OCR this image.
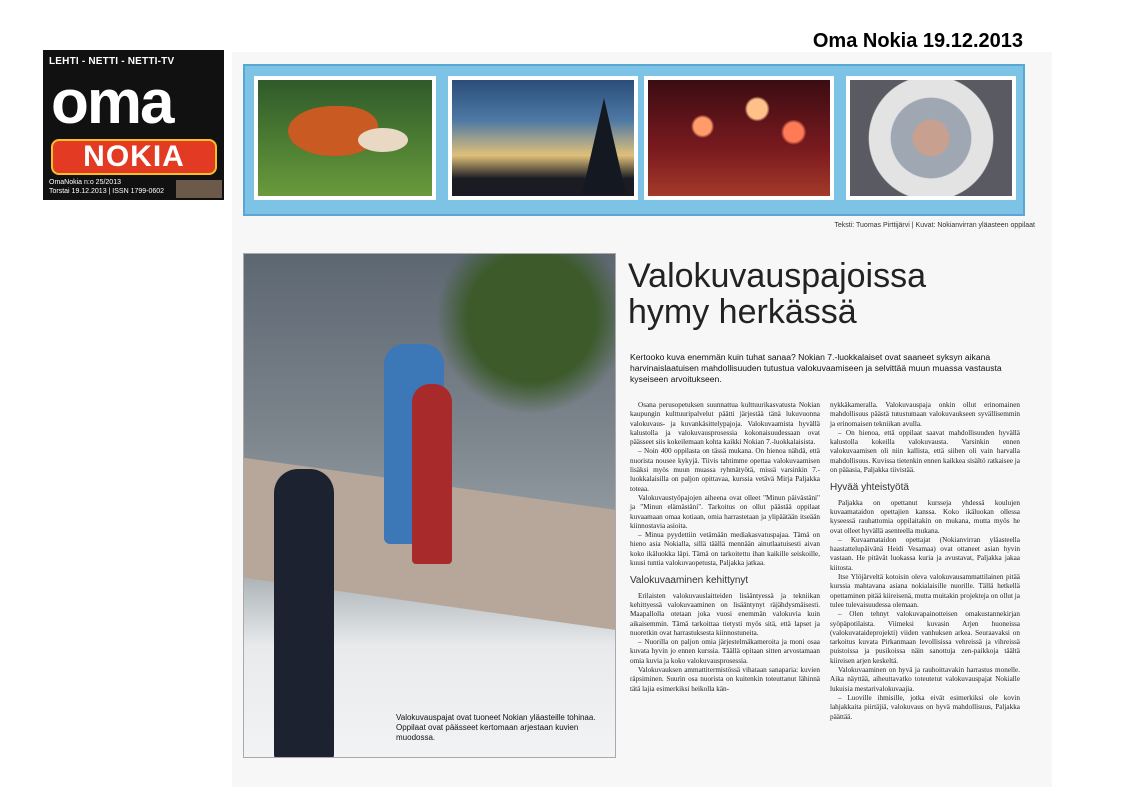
Oma Nokia 19.12.2013
LEHTI - NETTI - NETTI-TV
oma
NOKIA
OmaNokia n:o 25/2013
Torstai 19.12.2013 | ISSN 1799-0602
Teksti: Tuomas Pirttijärvi | Kuvat: Nokianvirran yläasteen oppilaat
Valokuvauspajat ovat tuoneet Nokian yläasteille tohinaa. Oppilaat ovat päässeet kertomaan arjestaan kuvien muodossa.
Valokuvauspajoissa hymy herkässä
Kertooko kuva enemmän kuin tuhat sanaa? Nokian 7.-luokkalaiset ovat saaneet syksyn aikana harvinaislaatuisen mahdollisuuden tutustua valokuvaamiseen ja selvittää muun muassa vastausta kyseiseen arvoitukseen.

Osana perusopetuksen suunnattua kulttuurikasvatusta Nokian kaupungin kulttuuripalvelut päätti järjestää tänä lukuvuonna valokuvaus- ja kuvankäsittelypajoja. Valokuvaamista hyvällä kalustolla ja valokuvausprosessia kokonaisuudessaan ovat päässeet siis kokeilemaan kohta kaikki Nokian 7.-luokkalaisista.

– Noin 400 oppilasta on tässä mukana. On hienoa nähdä, että nuorista nousee kykyjä. Tiivis tahtimme opettaa valokuvaamisen lisäksi myös muun muassa ryhmätyötä, missä varsinkin 7.-luokkalaisilla on paljon opittavaa, kurssia vetävä Mirja Paljakka toteaa.

Valokuvaustyöpajojen aiheena ovat olleet "Minun päivästäni" ja "Minun elämästäni". Tarkoitus on ollut päästää oppilaat kuvaamaan omaa kotiaan, omia harrastetaan ja ylipäätään itseään kiinnostavia asioita.

– Minua pyydettiin vetämään mediakasvatuspajaa. Tämä on hieno asia Nokialla, sillä täällä mennään ainutlaatuisesti aivan koko ikäluokka läpi. Tämä on tarkoitettu ihan kaikille seiskoille, kuusi tuntia valokuvaopetusta, Paljakka jatkaa.

Valokuvaaminen kehittynyt

Erilaisten valokuvauslaitteiden lisääntyessä ja tekniikan kehittyessä valokuvaaminen on lisääntynyt räjähdysmäisesti. Maapallolla otetaan joka vuosi enemmän valokuvia kuin aikaisemmin. Tämä tarkoittaa tietysti myös sitä, että lapset ja nuoretkin ovat harrastuksesta kiinnostuneita.

– Nuorilla on paljon omia järjestelmäkameroita ja moni osaa kuvata hyvin jo ennen kurssia. Täällä opitaan sitten arvostamaan omia kuvia ja koko valokuvausprosessia.

Valokuvauksen ammattitermistössä vihataan sanaparia: kuvien räpsiminen. Suurin osa nuorista on kuitenkin toteuttanut lähinnä tätä lajia esimerkiksi heikolla kän-

nykkäkameralla. Valokuvauspaja onkin ollut erinomainen mahdollisuus päästä tutustumaan valokuvaukseen syvällisemmin ja erinomaisen tekniikan avulla.

– On hienoa, että oppilaat saavat mahdollisuuden hyvällä kalustolla kokeilla valokuvausta. Varsinkin ennen valokuvaamisen oli niin kallista, että siihen oli vain harvalla mahdollisuus. Kuvissa tietenkin ennen kaikkea sisältö ratkaisee ja on pääasia, Paljakka tiivistää.

Hyvää yhteistyötä

Paljakka on opettanut kursseja yhdessä koulujen kuvaamataidon opettajien kanssa. Koko ikäluokan ollessa kyseessä rauhattomia oppilaitakin on mukana, mutta myös he ovat olleet hyvällä asenteella mukana.

– Kuvaamataidon opettajat (Nokianvirran yläasteella haastattelupäivänä Heidi Vesamaa) ovat ottaneet asian hyvin vastaan. He pitävät luokassa kuria ja avustavat, Paljakka jakaa kiitosta.

Itse Ylöjärveltä kotoisin oleva valokuvausammattilainen pitää kurssia mahtavana asiana nokialaisille nuorille. Tällä hetkellä opettaminen pitää kiireisenä, mutta muitakin projekteja on ollut ja tulee tulevaisuudessa olemaan.

– Olen tehnyt valokuvapainotteisen omakustannekirjan syöpäpotilaista. Viimeksi kuvasin Arjen huoneissa (valokuvataideprojekti) viiden vanhuksen arkea. Seuraavaksi on tarkoitus kuvata Pirkanmaan levollisissa vehreissä ja vihreissä puistoissa ja pusikoissa näin sanottuja zen-paikkoja täältä kiireisen arjen keskeltä.

Valokuvaaminen on hyvä ja rauhoittavakin harrastus monelle. Aika näyttää, aiheuttavatko toteutetut valokuvauspajat Nokialle lukuisia mestarivalokuvaajia.

– Luoville ihmisille, jotka eivät esimerkiksi ole kovin lahjakkaita piirtäjiä, valokuvaus on hyvä mahdollisuus, Paljakka päättää.
